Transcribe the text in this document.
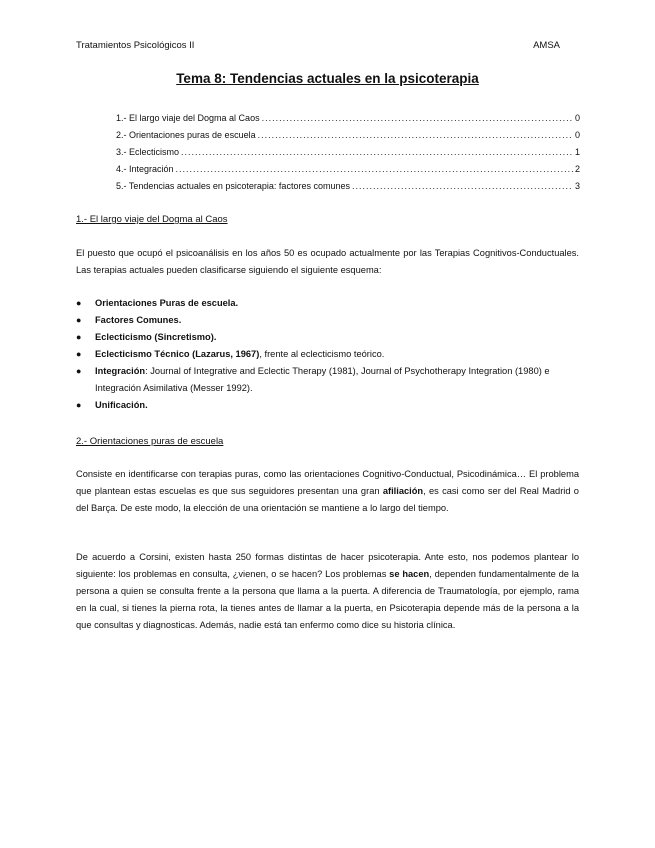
Tratamientos Psicológicos II	AMSA
Tema 8: Tendencias actuales en la psicoterapia
1.- El largo viaje del Dogma al Caos .....	0
2.- Orientaciones puras de escuela .....	0
3.- Eclecticismo .....	1
4.- Integración .....	2
5.- Tendencias actuales en psicoterapia: factores comunes .....	3
1.- El largo viaje del Dogma al Caos
El puesto que ocupó el psicoanálisis en los años 50 es ocupado actualmente por las Terapias Cognitivos-Conductuales. Las terapias actuales pueden clasificarse siguiendo el siguiente esquema:
● Orientaciones Puras de escuela.
● Factores Comunes.
● Eclecticismo (Sincretismo).
● Eclecticismo Técnico (Lazarus, 1967), frente al eclecticismo teórico.
● Integración: Journal of Integrative and Eclectic Therapy (1981), Journal of Psychotherapy Integration (1980) e Integración Asimilativa (Messer 1992).
● Unificación.
2.- Orientaciones puras de escuela
Consiste en identificarse con terapias puras, como las orientaciones Cognitivo-Conductual, Psicodinámica… El problema que plantean estas escuelas es que sus seguidores presentan una gran afiliación, es casi como ser del Real Madrid o del Barça. De este modo, la elección de una orientación se mantiene a lo largo del tiempo.
De acuerdo a Corsini, existen hasta 250 formas distintas de hacer psicoterapia. Ante esto, nos podemos plantear lo siguiente: los problemas en consulta, ¿vienen, o se hacen? Los problemas se hacen, dependen fundamentalmente de la persona a quien se consulta frente a la persona que llama a la puerta. A diferencia de Traumatología, por ejemplo, rama en la cual, si tienes la pierna rota, la tienes antes de llamar a la puerta, en Psicoterapia depende más de la persona a la que consultas y diagnosticas. Además, nadie está tan enfermo como dice su historia clínica.
